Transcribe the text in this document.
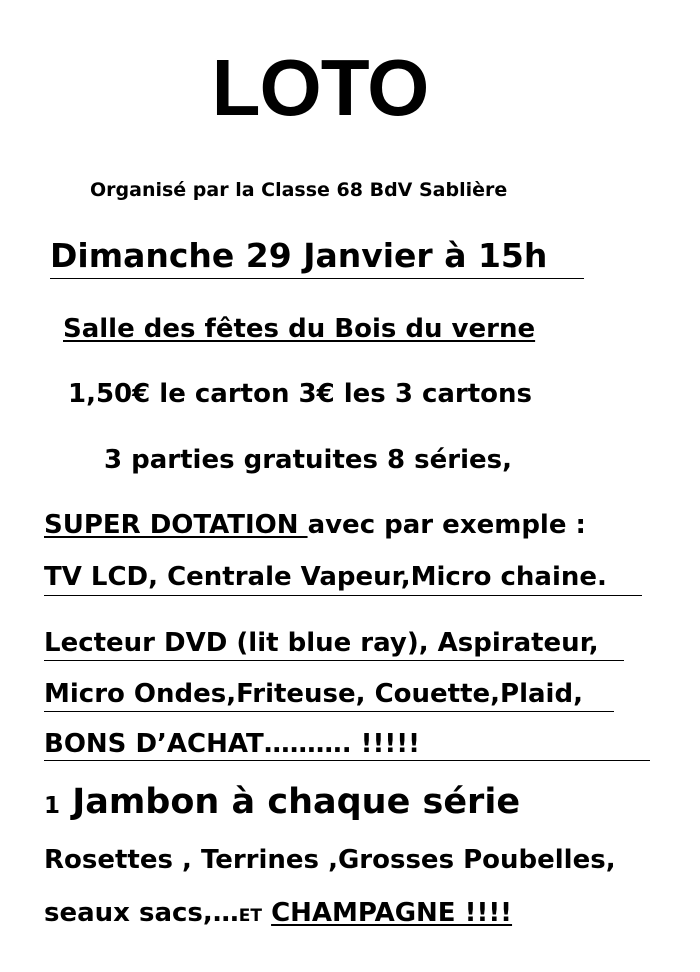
LOTO
Organisé par la Classe 68 BdV Sablière
Dimanche 29 Janvier à 15h
Salle des fêtes du Bois du verne
1,50€ le carton 3€ les 3 cartons
3 parties gratuites 8 séries,
SUPER DOTATION avec par exemple :
TV LCD, Centrale Vapeur,Micro chaine.
Lecteur DVD (lit blue ray), Aspirateur,
Micro Ondes,Friteuse, Couette,Plaid,
BONS D’ACHAT………. !!!!!
1 Jambon à chaque série
Rosettes , Terrines ,Grosses Poubelles,
seaux sacs,…ET CHAMPAGNE !!!!
